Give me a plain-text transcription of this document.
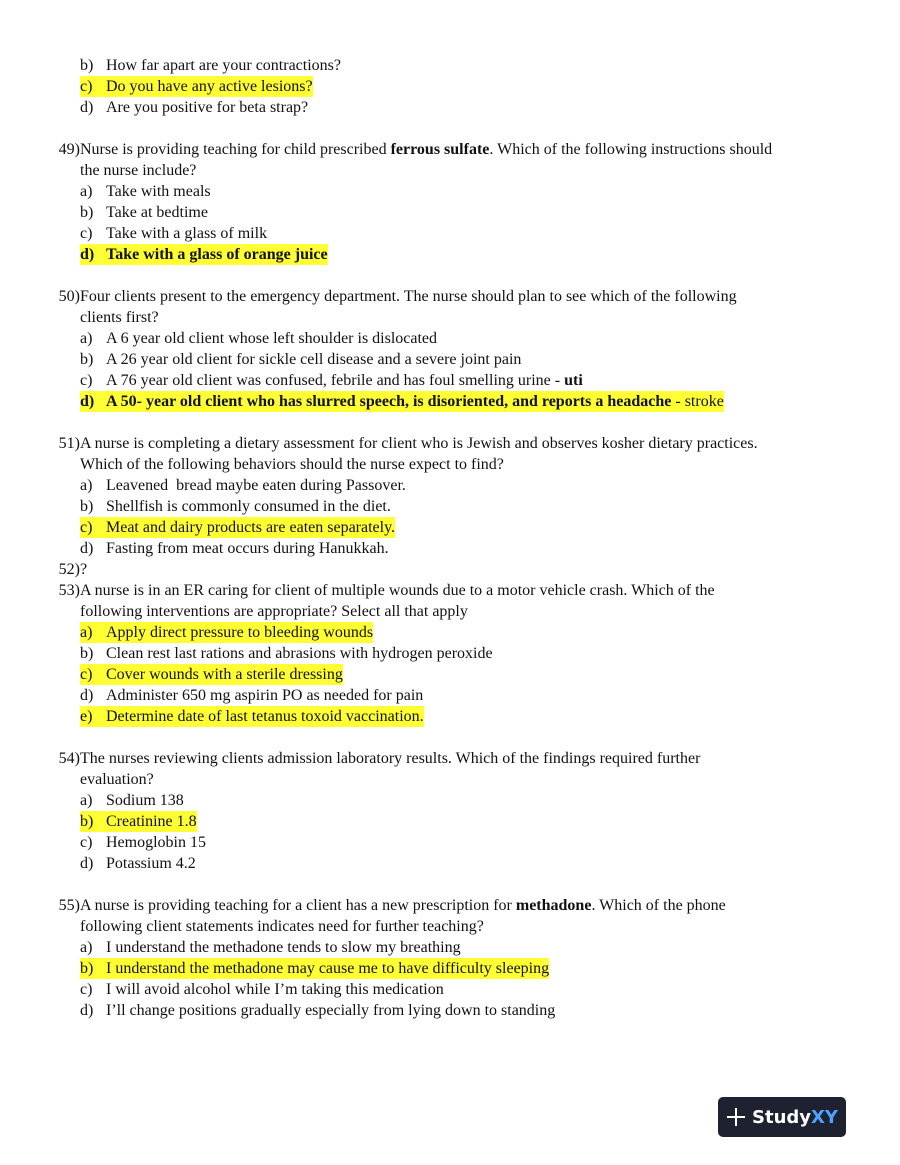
b) How far apart are your contractions?
c) Do you have any active lesions?
d) Are you positive for beta strap?
49) Nurse is providing teaching for child prescribed ferrous sulfate. Which of the following instructions should
the nurse include?
a) Take with meals
b) Take at bedtime
c) Take with a glass of milk
d) Take with a glass of orange juice
50) Four clients present to the emergency department. The nurse should plan to see which of the following
clients first?
a) A 6 year old client whose left shoulder is dislocated
b) A 26 year old client for sickle cell disease and a severe joint pain
c) A 76 year old client was confused, febrile and has foul smelling urine - uti
d) A 50- year old client who has slurred speech, is disoriented, and reports a headache - stroke
51) A nurse is completing a dietary assessment for client who is Jewish and observes kosher dietary practices.
Which of the following behaviors should the nurse expect to find?
a) Leavened  bread maybe eaten during Passover.
b) Shellfish is commonly consumed in the diet.
c) Meat and dairy products are eaten separately.
d) Fasting from meat occurs during Hanukkah.
52) ?
53) A nurse is in an ER caring for client of multiple wounds due to a motor vehicle crash. Which of the
following interventions are appropriate? Select all that apply
a) Apply direct pressure to bleeding wounds
b) Clean rest last rations and abrasions with hydrogen peroxide
c) Cover wounds with a sterile dressing
d) Administer 650 mg aspirin PO as needed for pain
e) Determine date of last tetanus toxoid vaccination.
54) The nurses reviewing clients admission laboratory results. Which of the findings required further
evaluation?
a) Sodium 138
b) Creatinine 1.8
c) Hemoglobin 15
d) Potassium 4.2
55) A nurse is providing teaching for a client has a new prescription for methadone. Which of the phone
following client statements indicates need for further teaching?
a) I understand the methadone tends to slow my breathing
b) I understand the methadone may cause me to have difficulty sleeping
c) I will avoid alcohol while I’m taking this medication
d) I’ll change positions gradually especially from lying down to standing
StudyXY
